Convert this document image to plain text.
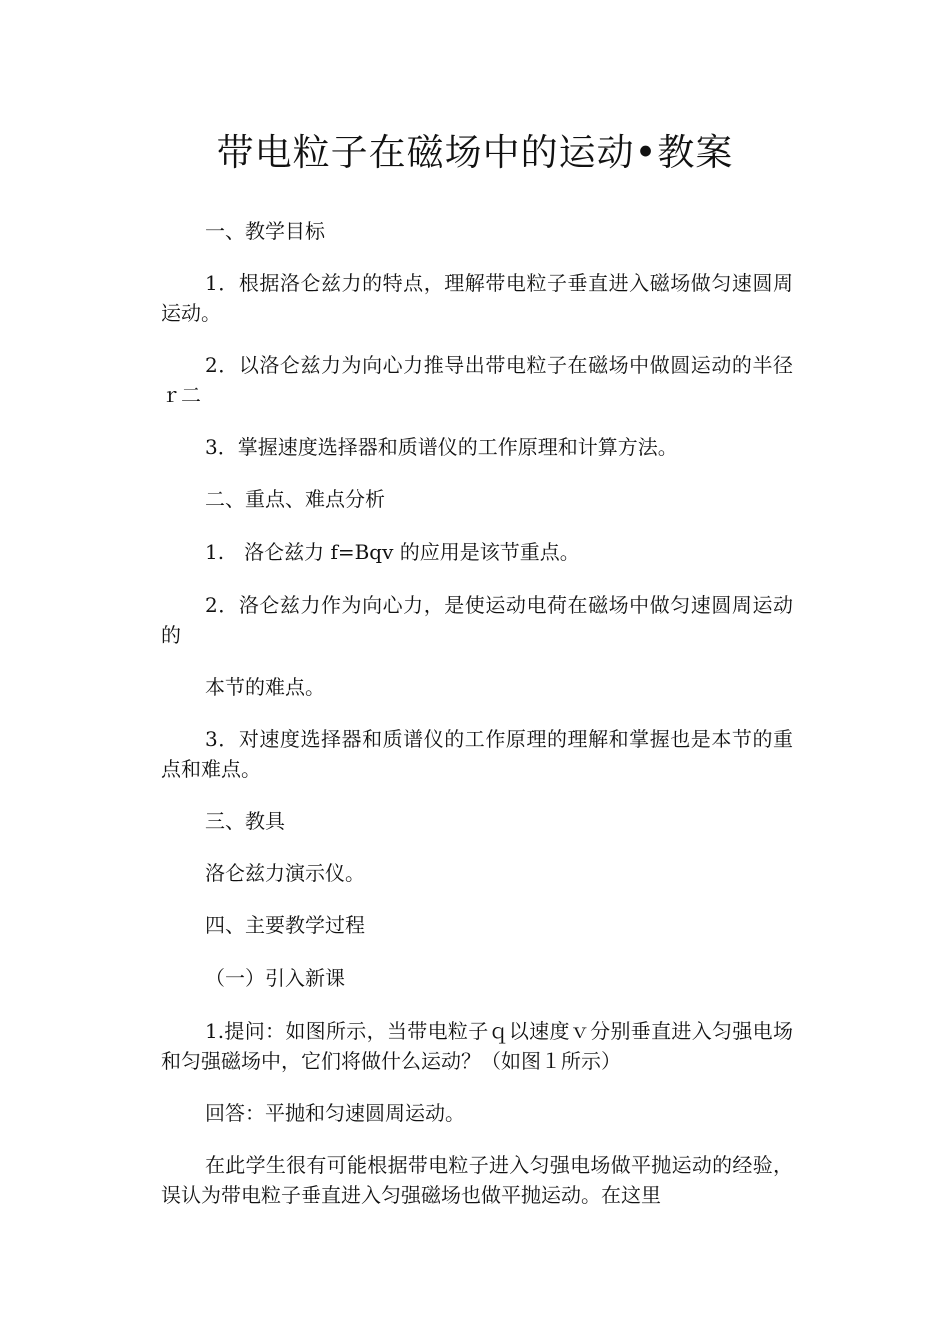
带电粒子在磁场中的运动•教案

一、教学目标

1．根据洛仑兹力的特点，理解带电粒子垂直进入磁场做匀速圆周运动。

2．以洛仑兹力为向心力推导出带电粒子在磁场中做圆运动的半径ｒ二

3．掌握速度选择器和质谱仪的工作原理和计算方法。

二、重点、难点分析

1.　洛仑兹力 f=Bqv 的应用是该节重点。

2．洛仑兹力作为向心力，是使运动电荷在磁场中做匀速圆周运动的

本节的难点。

3．对速度选择器和质谱仪的工作原理的理解和掌握也是本节的重点和难点。

三、教具

洛仑兹力演示仪。

四、主要教学过程

（一）引入新课

1.提问：如图所示，当带电粒子ｑ以速度ｖ分别垂直进入匀强电场和匀强磁场中，它们将做什么运动？（如图１所示）

回答：平抛和匀速圆周运动。

在此学生很有可能根据带电粒子进入匀强电场做平抛运动的经验，误认为带电粒子垂直进入匀强磁场也做平抛运动。在这里
